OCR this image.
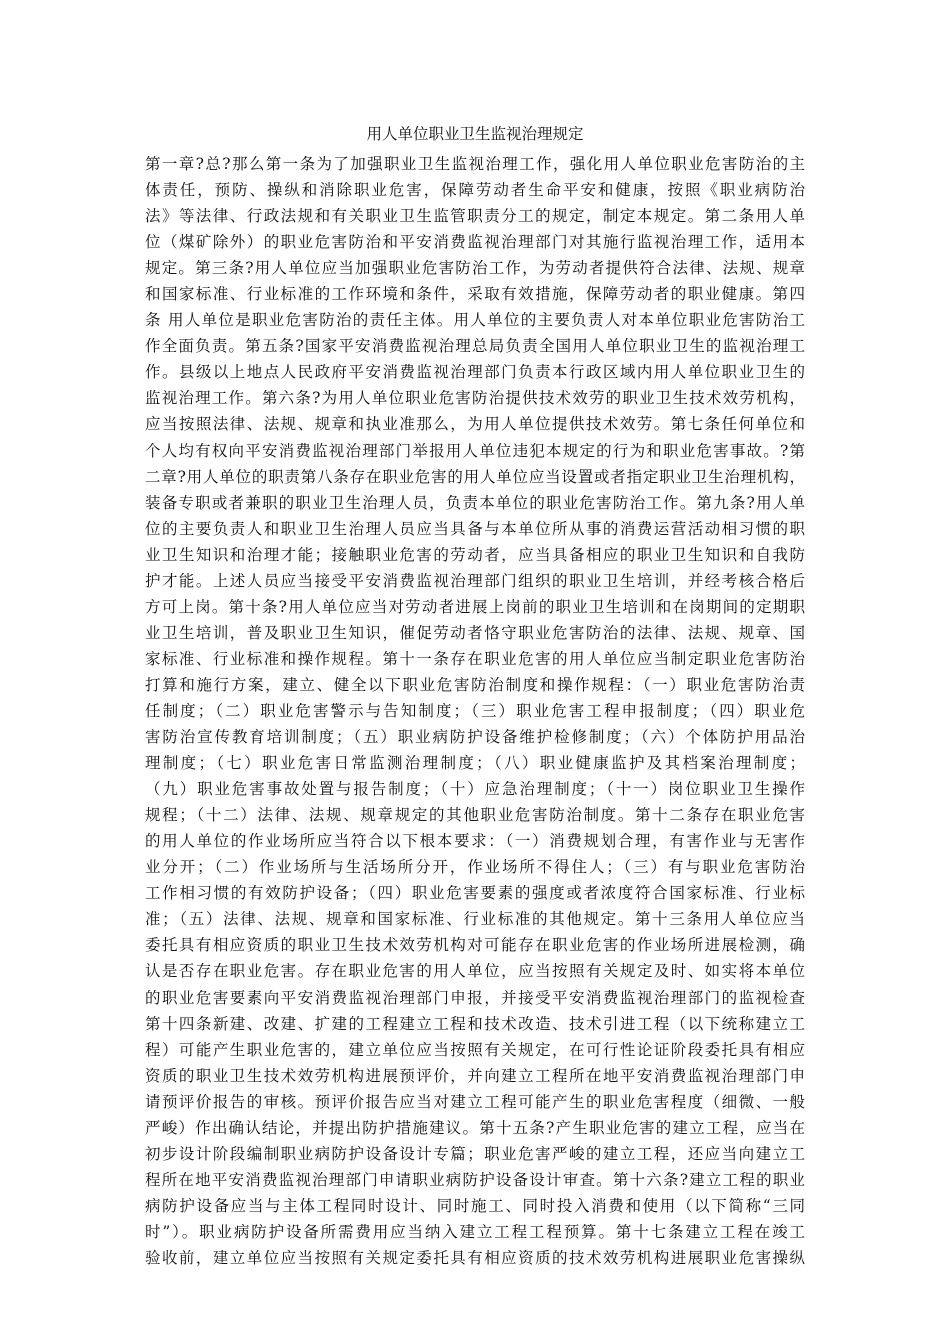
用人单位职业卫生监视治理规定
第一章?总?那么第一条为了加强职业卫生监视治理工作，强化用人单位职业危害防治的主
体责任，预防、操纵和消除职业危害，保障劳动者生命平安和健康，按照《职业病防治
法》等法律、行政法规和有关职业卫生监管职责分工的规定，制定本规定。第二条用人单
位（煤矿除外）的职业危害防治和平安消费监视治理部门对其施行监视治理工作，适用本
规定。第三条?用人单位应当加强职业危害防治工作，为劳动者提供符合法律、法规、规章
和国家标准、行业标准的工作环境和条件，采取有效措施，保障劳动者的职业健康。第四
条 用人单位是职业危害防治的责任主体。用人单位的主要负责人对本单位职业危害防治工
作全面负责。第五条?国家平安消费监视治理总局负责全国用人单位职业卫生的监视治理工
作。县级以上地点人民政府平安消费监视治理部门负责本行政区域内用人单位职业卫生的
监视治理工作。第六条?为用人单位职业危害防治提供技术效劳的职业卫生技术效劳机构，
应当按照法律、法规、规章和执业准那么，为用人单位提供技术效劳。第七条任何单位和
个人均有权向平安消费监视治理部门举报用人单位违犯本规定的行为和职业危害事故。?第
二章?用人单位的职责第八条存在职业危害的用人单位应当设置或者指定职业卫生治理机构，
装备专职或者兼职的职业卫生治理人员，负责本单位的职业危害防治工作。第九条?用人单
位的主要负责人和职业卫生治理人员应当具备与本单位所从事的消费运营活动相习惯的职
业卫生知识和治理才能；接触职业危害的劳动者，应当具备相应的职业卫生知识和自我防
护才能。上述人员应当接受平安消费监视治理部门组织的职业卫生培训，并经考核合格后
方可上岗。第十条?用人单位应当对劳动者进展上岗前的职业卫生培训和在岗期间的定期职
业卫生培训，普及职业卫生知识，催促劳动者恪守职业危害防治的法律、法规、规章、国
家标准、行业标准和操作规程。第十一条存在职业危害的用人单位应当制定职业危害防治
打算和施行方案，建立、健全以下职业危害防治制度和操作规程：（一）职业危害防治责
任制度；（二）职业危害警示与告知制度；（三）职业危害工程申报制度；（四）职业危
害防治宣传教育培训制度；（五）职业病防护设备维护检修制度；（六）个体防护用品治
理制度；（七）职业危害日常监测治理制度；（八）职业健康监护及其档案治理制度；
（九）职业危害事故处置与报告制度；（十）应急治理制度；（十一）岗位职业卫生操作
规程；（十二）法律、法规、规章规定的其他职业危害防治制度。第十二条存在职业危害
的用人单位的作业场所应当符合以下根本要求：（一）消费规划合理，有害作业与无害作
业分开；（二）作业场所与生活场所分开，作业场所不得住人；（三）有与职业危害防治
工作相习惯的有效防护设备；（四）职业危害要素的强度或者浓度符合国家标准、行业标
准；（五）法律、法规、规章和国家标准、行业标准的其他规定。第十三条用人单位应当
委托具有相应资质的职业卫生技术效劳机构对可能存在职业危害的作业场所进展检测，确
认是否存在职业危害。存在职业危害的用人单位，应当按照有关规定及时、如实将本单位
的职业危害要素向平安消费监视治理部门申报，并接受平安消费监视治理部门的监视检查
第十四条新建、改建、扩建的工程建立工程和技术改造、技术引进工程（以下统称建立工
程）可能产生职业危害的，建立单位应当按照有关规定，在可行性论证阶段委托具有相应
资质的职业卫生技术效劳机构进展预评价，并向建立工程所在地平安消费监视治理部门申
请预评价报告的审核。预评价报告应当对建立工程可能产生的职业危害程度（细微、一般
严峻）作出确认结论，并提出防护措施建议。第十五条?产生职业危害的建立工程，应当在
初步设计阶段编制职业病防护设备设计专篇；职业危害严峻的建立工程，还应当向建立工
程所在地平安消费监视治理部门申请职业病防护设备设计审查。第十六条?建立工程的职业
病防护设备应当与主体工程同时设计、同时施工、同时投入消费和使用（以下简称“三同
时”）。职业病防护设备所需费用应当纳入建立工程工程预算。第十七条建立工程在竣工
验收前，建立单位应当按照有关规定委托具有相应资质的技术效劳机构进展职业危害操纵
